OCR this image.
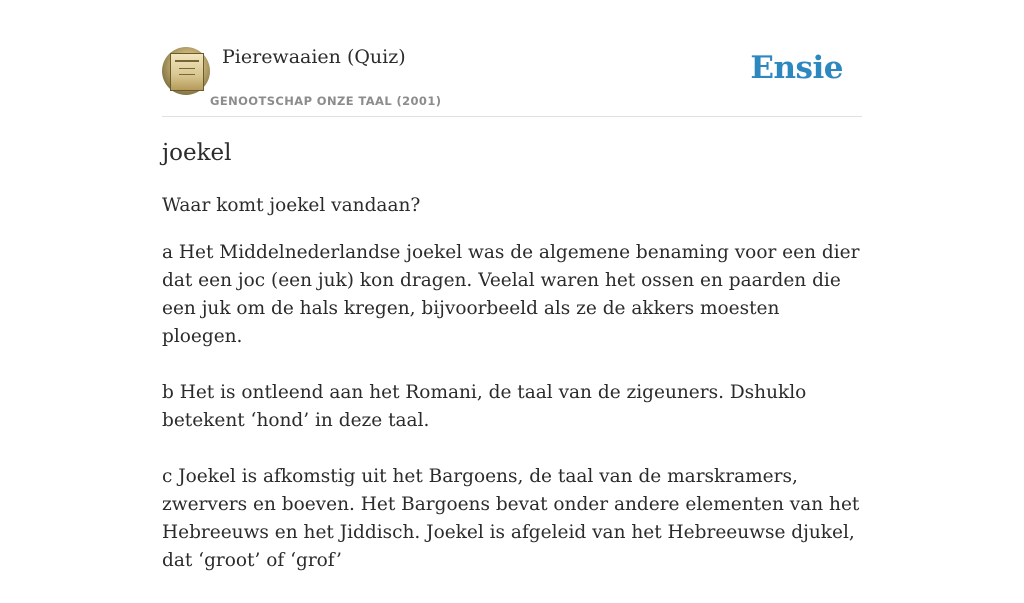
Pierewaaien (Quiz)
GENOOTSCHAP ONZE TAAL (2001)
Ensie
joekel

Waar komt joekel vandaan?

a Het Middelnederlandse joekel was de algemene benaming voor een dier dat een joc (een juk) kon dragen. Veelal waren het ossen en paarden die een juk om de hals kregen, bijvoorbeeld als ze de akkers moesten ploegen.

b Het is ontleend aan het Romani, de taal van de zigeuners. Dshuklo betekent ‘hond’ in deze taal.

c Joekel is afkomstig uit het Bargoens, de taal van de marskramers, zwervers en boeven. Het Bargoens bevat onder andere elementen van het Hebreeuws en het Jiddisch. Joekel is afgeleid van het Hebreeuwse djukel, dat ‘groot’ of ‘grof’
